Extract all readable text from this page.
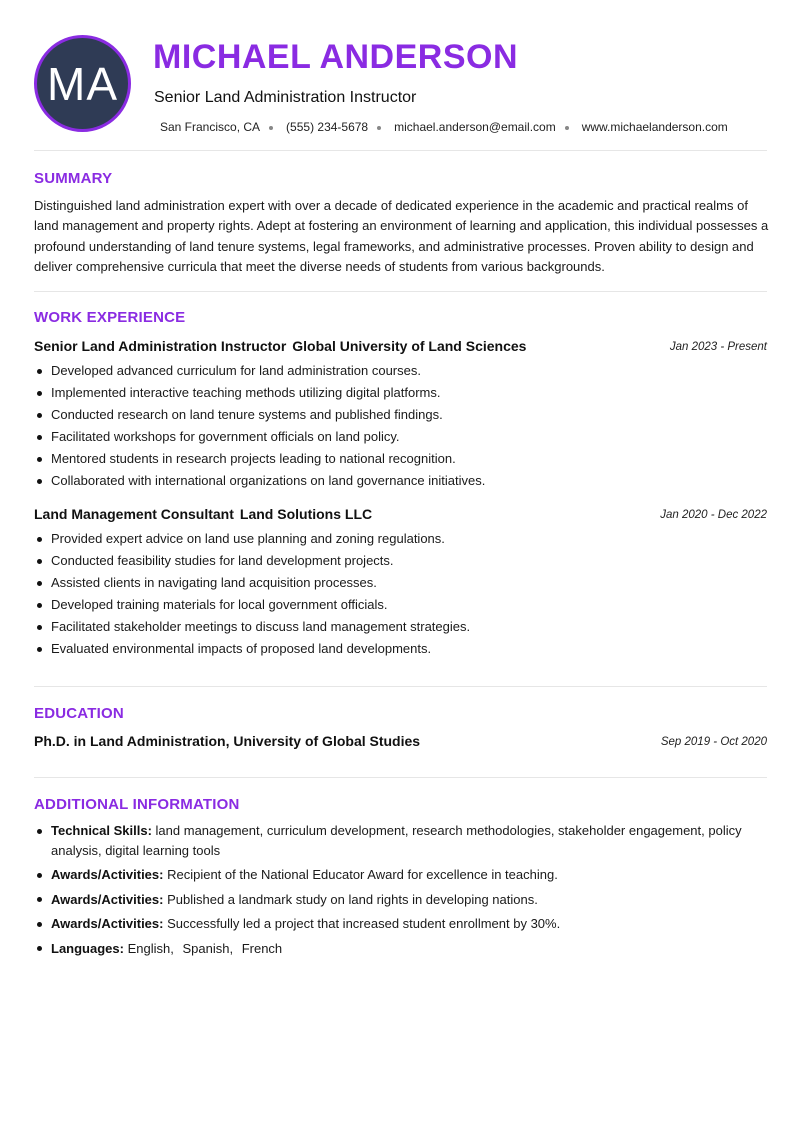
MA
MICHAEL ANDERSON
Senior Land Administration Instructor
San Francisco, CA (555) 234-5678 michael.anderson@email.com www.michaelanderson.com
SUMMARY
Distinguished land administration expert with over a decade of dedicated experience in the academic and practical realms of land management and property rights. Adept at fostering an environment of learning and application, this individual possesses a profound understanding of land tenure systems, legal frameworks, and administrative processes. Proven ability to design and deliver comprehensive curricula that meet the diverse needs of students from various backgrounds.
WORK EXPERIENCE
Senior Land Administration Instructor Global University of Land Sciences	Jan 2023 - Present
Developed advanced curriculum for land administration courses.
Implemented interactive teaching methods utilizing digital platforms.
Conducted research on land tenure systems and published findings.
Facilitated workshops for government officials on land policy.
Mentored students in research projects leading to national recognition.
Collaborated with international organizations on land governance initiatives.
Land Management Consultant Land Solutions LLC	Jan 2020 - Dec 2022
Provided expert advice on land use planning and zoning regulations.
Conducted feasibility studies for land development projects.
Assisted clients in navigating land acquisition processes.
Developed training materials for local government officials.
Facilitated stakeholder meetings to discuss land management strategies.
Evaluated environmental impacts of proposed land developments.
EDUCATION
Ph.D. in Land Administration, University of Global Studies	Sep 2019 - Oct 2020
ADDITIONAL INFORMATION
Technical Skills: land management, curriculum development, research methodologies, stakeholder engagement, policy analysis, digital learning tools
Awards/Activities: Recipient of the National Educator Award for excellence in teaching.
Awards/Activities: Published a landmark study on land rights in developing nations.
Awards/Activities: Successfully led a project that increased student enrollment by 30%.
Languages: English, Spanish, French
